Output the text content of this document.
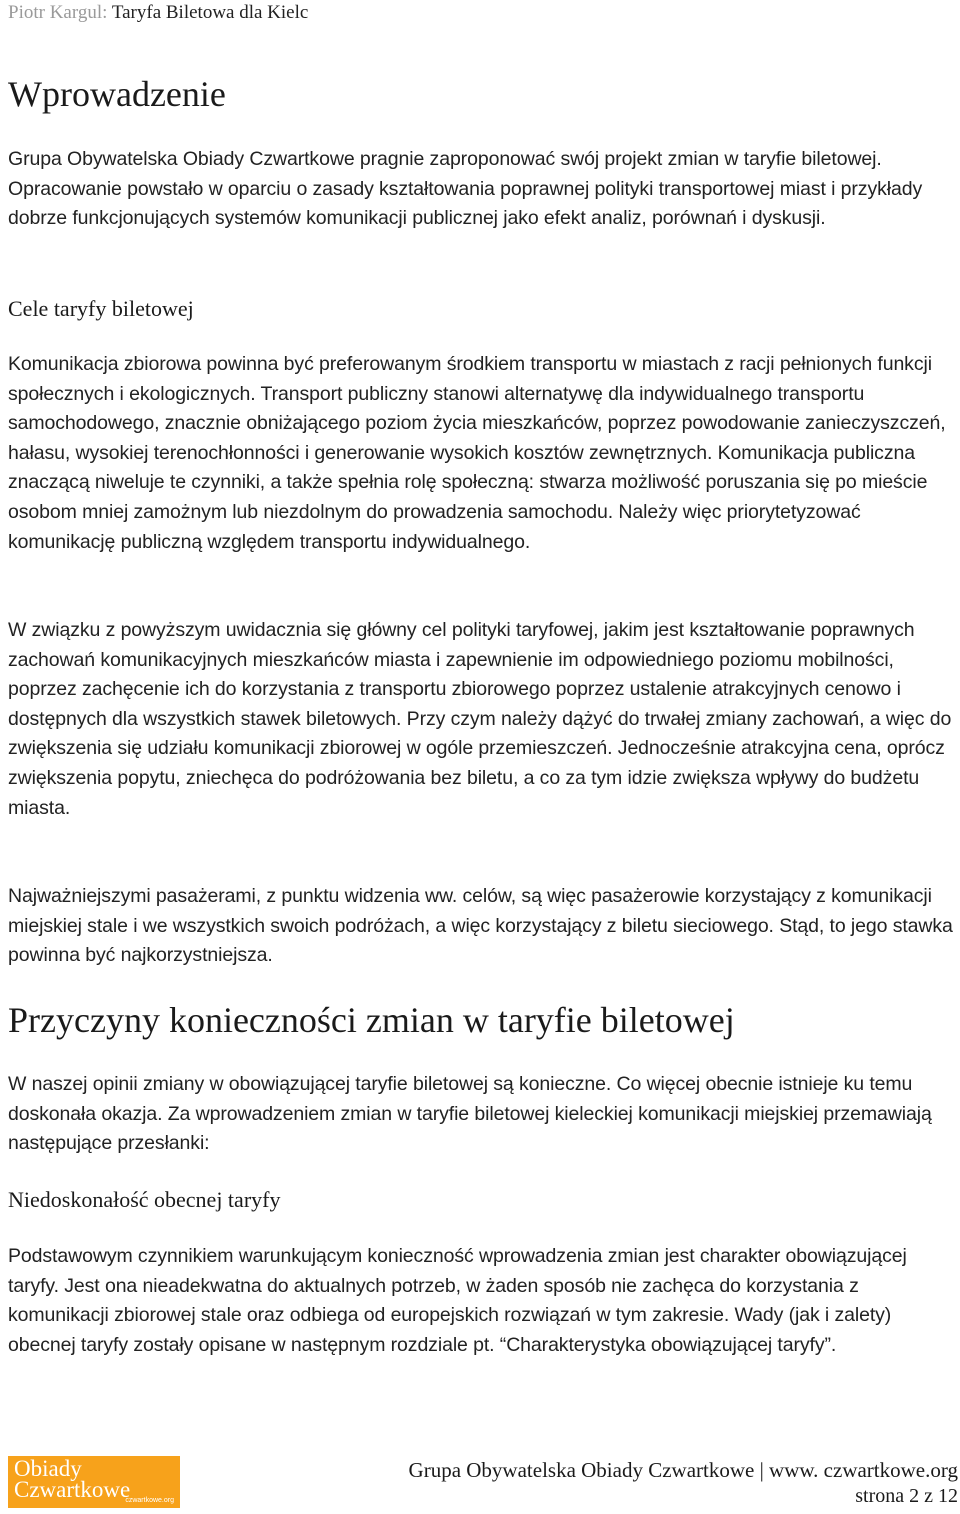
Piotr Kargul: Taryfa Biletowa dla Kielc
Wprowadzenie

Grupa Obywatelska Obiady Czwartkowe pragnie zaproponować swój projekt zmian w taryfie biletowej. Opracowanie powstało w oparciu o zasady kształtowania poprawnej polityki transportowej miast i przykłady dobrze funkcjonujących systemów komunikacji publicznej jako efekt analiz, porównań i dyskusji.

Cele taryfy biletowej

Komunikacja zbiorowa powinna być preferowanym środkiem transportu w miastach z racji pełnionych funkcji społecznych i ekologicznych. Transport publiczny stanowi alternatywę dla indywidualnego transportu samochodowego, znacznie obniżającego poziom życia mieszkańców, poprzez powodowanie zanieczyszczeń, hałasu, wysokiej terenochłonności i generowanie wysokich kosztów zewnętrznych. Komunikacja publiczna znaczącą niweluje te czynniki, a także spełnia rolę społeczną: stwarza możliwość poruszania się po mieście osobom mniej zamożnym lub niezdolnym do prowadzenia samochodu. Należy więc priorytetyzować komunikację publiczną względem transportu indywidualnego.

W związku z powyższym uwidacznia się główny cel polityki taryfowej, jakim jest kształtowanie poprawnych zachowań komunikacyjnych mieszkańców miasta i zapewnienie im odpowiedniego poziomu mobilności, poprzez zachęcenie ich do korzystania z transportu zbiorowego poprzez ustalenie atrakcyjnych cenowo i dostępnych dla wszystkich stawek biletowych. Przy czym należy dążyć do trwałej zmiany zachowań, a więc do zwiększenia się udziału komunikacji zbiorowej w ogóle przemieszczeń. Jednocześnie atrakcyjna cena, oprócz zwiększenia popytu, zniechęca do podróżowania bez biletu, a co za tym idzie zwiększa wpływy do budżetu miasta.

Najważniejszymi pasażerami, z punktu widzenia ww. celów, są więc pasażerowie korzystający z komunikacji miejskiej stale i we wszystkich swoich podróżach, a więc korzystający z biletu sieciowego. Stąd, to jego stawka powinna być najkorzystniejsza.

Przyczyny konieczności zmian w taryfie biletowej

W naszej opinii zmiany w obowiązującej taryfie biletowej są konieczne. Co więcej obecnie istnieje ku temu doskonała okazja. Za wprowadzeniem zmian w taryfie biletowej kieleckiej komunikacji miejskiej przemawiają następujące przesłanki:

Niedoskonałość obecnej taryfy

Podstawowym czynnikiem warunkującym konieczność wprowadzenia zmian jest charakter obowiązującej taryfy. Jest ona nieadekwatna do aktualnych potrzeb, w żaden sposób nie zachęca do korzystania z komunikacji zbiorowej stale oraz odbiega od europejskich rozwiązań w tym zakresie. Wady (jak i zalety) obecnej taryfy zostały opisane w następnym rozdziale pt. “Charakterystyka obowiązującej taryfy”.

Obiady
Czwartkowe
czwartkowe.org
Grupa Obywatelska Obiady Czwartkowe | www. czwartkowe.org
strona 2 z 12
